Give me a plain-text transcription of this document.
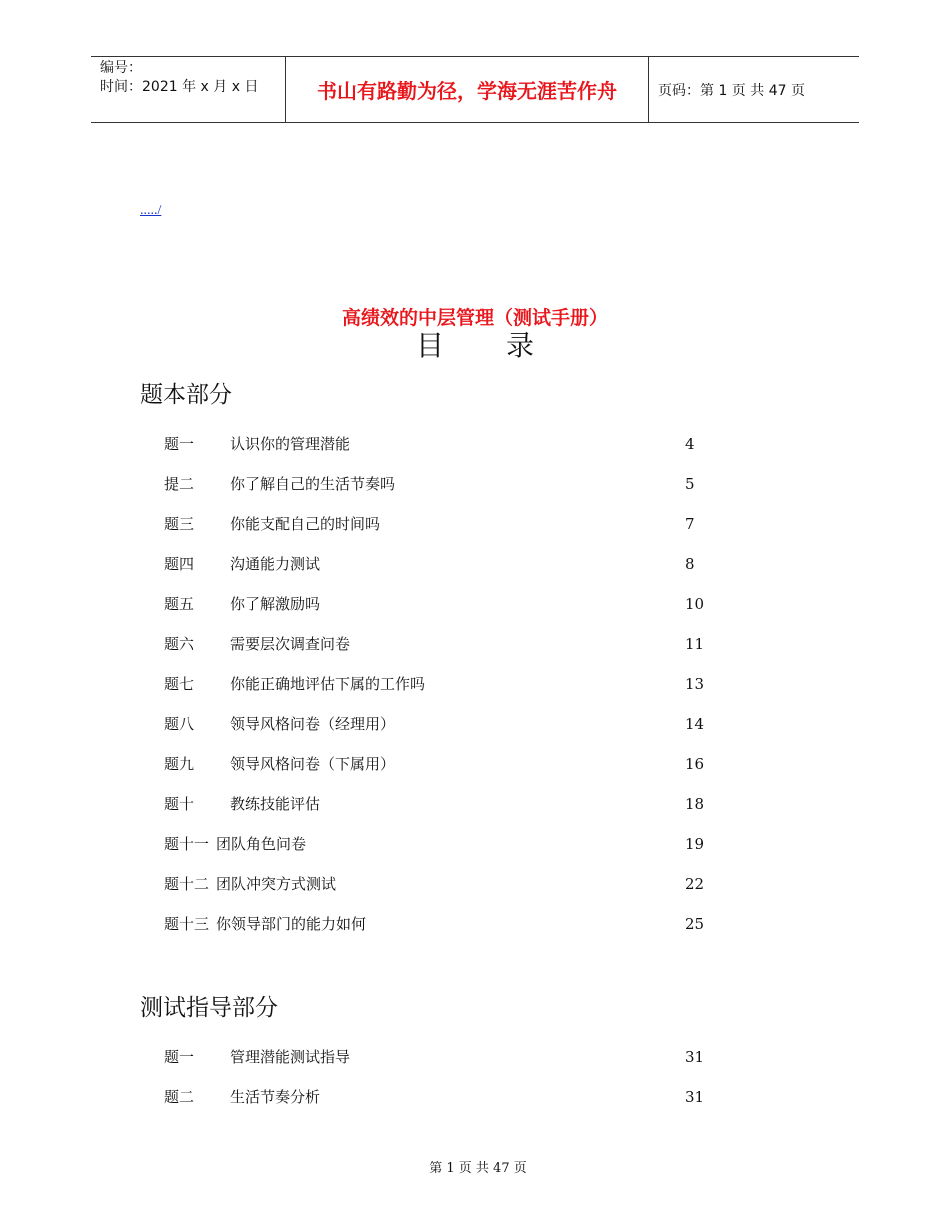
编号：
时间：2021 年 x 月 x 日	书山有路勤为径，学海无涯苦作舟	页码：第 1 页 共 47 页
...../
高绩效的中层管理（测试手册）
目录
题本部分
题一 认识你的管理潜能	4
提二 你了解自己的生活节奏吗	5
题三 你能支配自己的时间吗	7
题四 沟通能力测试	8
题五 你了解激励吗	10
题六 需要层次调查问卷	11
题七 你能正确地评估下属的工作吗	13
题八 领导风格问卷（经理用）	14
题九 领导风格问卷（下属用）	16
题十 教练技能评估	18
题十一 团队角色问卷	19
题十二 团队冲突方式测试	22
题十三 你领导部门的能力如何	25
测试指导部分
题一 管理潜能测试指导	31
题二 生活节奏分析	31
第 1 页 共 47 页
